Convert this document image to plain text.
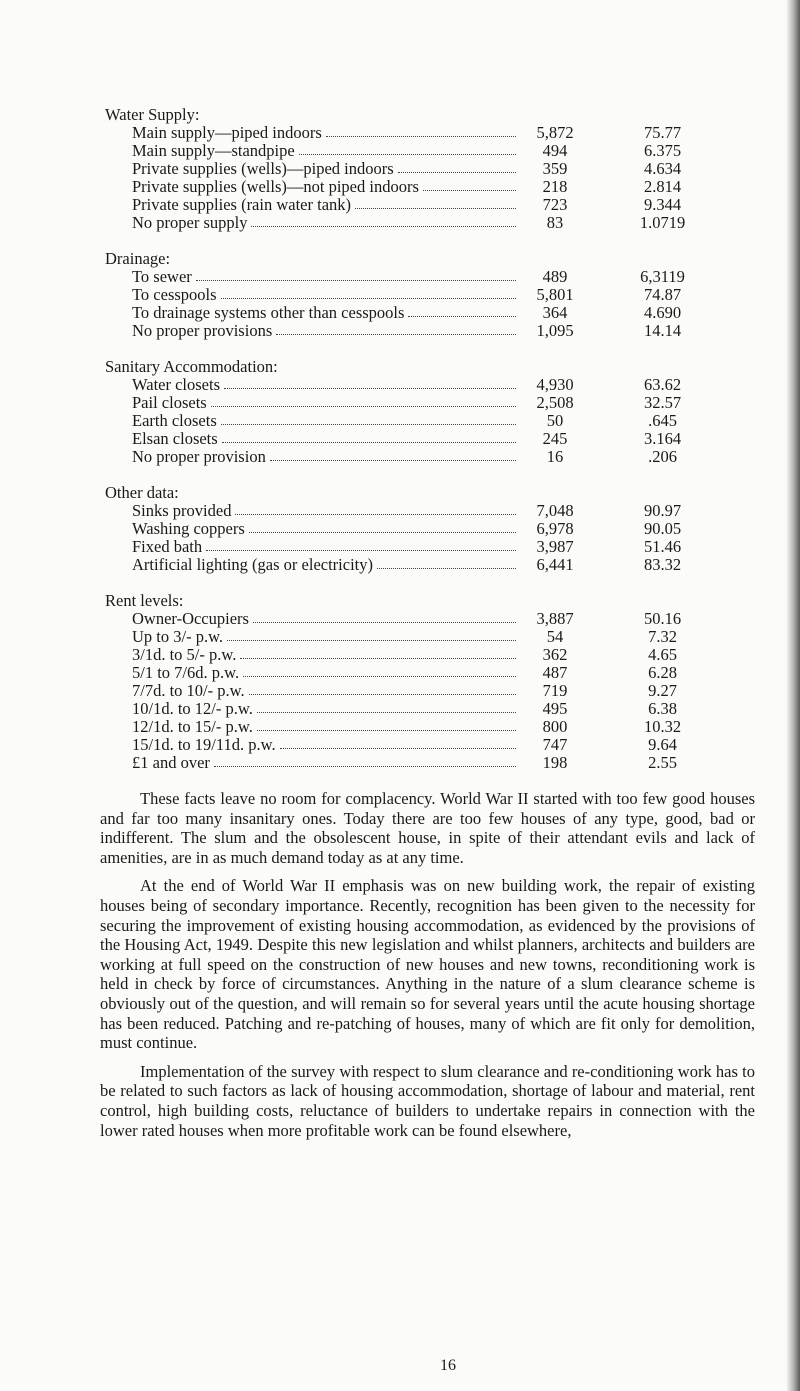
Water Supply:
Main supply—piped indoors	5,872	75.77
Main supply—standpipe	494	6.375
Private supplies (wells)—piped indoors	359	4.634
Private supplies (wells)—not piped indoors	218	2.814
Private supplies (rain water tank)	723	9.344
No proper supply	83	1.0719
Drainage:
To sewer	489	6,3119
To cesspools	5,801	74.87
To drainage systems other than cesspools	364	4.690
No proper provisions	1,095	14.14
Sanitary Accommodation:
Water closets	4,930	63.62
Pail closets	2,508	32.57
Earth closets	50	.645
Elsan closets	245	3.164
No proper provision	16	.206
Other data:
Sinks provided	7,048	90.97
Washing coppers	6,978	90.05
Fixed bath	3,987	51.46
Artificial lighting (gas or electricity)	6,441	83.32
Rent levels:
Owner-Occupiers	3,887	50.16
Up to 3/- p.w.	54	7.32
3/1d. to 5/- p.w.	362	4.65
5/1 to 7/6d. p.w.	487	6.28
7/7d. to 10/- p.w.	719	9.27
10/1d. to 12/- p.w.	495	6.38
12/1d. to 15/- p.w.	800	10.32
15/1d. to 19/11d. p.w.	747	9.64
£1 and over	198	2.55

These facts leave no room for complacency. World War II started with too few good houses and far too many insanitary ones. Today there are too few houses of any type, good, bad or indifferent. The slum and the obsolescent house, in spite of their attendant evils and lack of amenities, are in as much demand today as at any time.

At the end of World War II emphasis was on new building work, the repair of existing houses being of secondary importance. Recently, recognition has been given to the necessity for securing the improvement of existing housing accommodation, as evidenced by the provisions of the Housing Act, 1949. Despite this new legislation and whilst planners, architects and builders are working at full speed on the construction of new houses and new towns, reconditioning work is held in check by force of circumstances. Anything in the nature of a slum clearance scheme is obviously out of the question, and will remain so for several years until the acute housing shortage has been reduced. Patching and re-patching of houses, many of which are fit only for demolition, must continue.

Implementation of the survey with respect to slum clearance and re-conditioning work has to be related to such factors as lack of housing accommodation, shortage of labour and material, rent control, high building costs, reluctance of builders to undertake repairs in connection with the lower rated houses when more profitable work can be found elsewhere,

16
